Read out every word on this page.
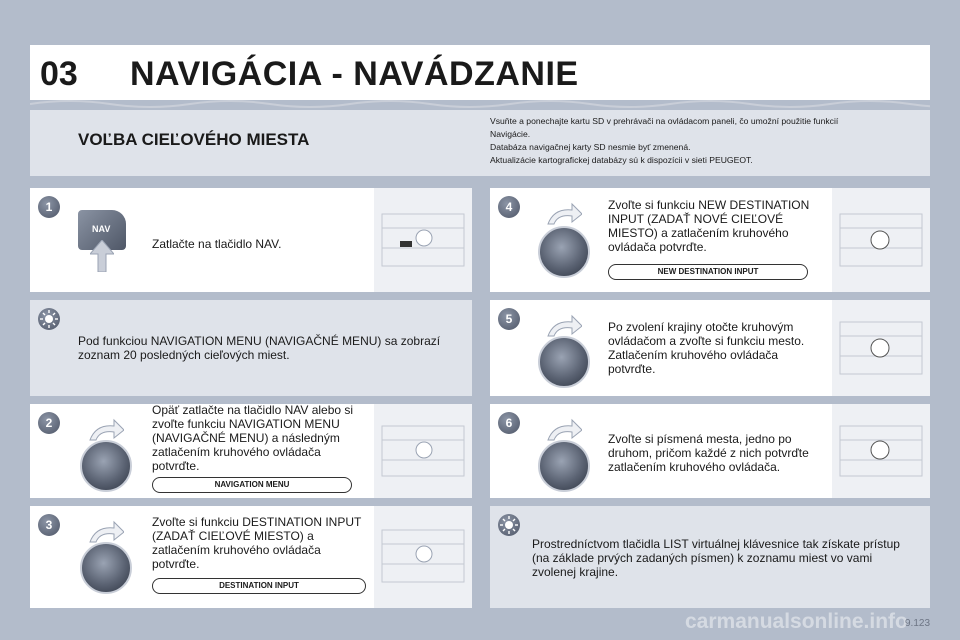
03 NAVIGÁCIA - NAVÁDZANIE
VOĽBA CIEĽOVÉHO MIESTA
Vsuňte a ponechajte kartu SD v prehrávači na ovládacom paneli, čo umožní použitie funkcií
Navigácie.
Databáza navigačnej karty SD nesmie byť zmenená.
Aktualizácie kartografickej databázy sú k dispozícii v sieti PEUGEOT.
1
NAV
Zatlačte na tlačidlo NAV.
Pod funkciou NAVIGATION MENU (NAVIGAČNÉ MENU) sa zobrazí zoznam 20 posledných cieľových miest.
2
Opäť zatlačte na tlačidlo NAV alebo si zvoľte funkciu NAVIGATION MENU (NAVIGAČNÉ MENU) a následným zatlačením kruhového ovládača potvrďte.
NAVIGATION MENU
3	Zvoľte si funkciu DESTINATION INPUT (ZADAŤ CIEĽOVÉ MIESTO) a zatlačením kruhového ovládača potvrďte.
DESTINATION INPUT
4	Zvoľte si funkciu NEW DESTINATION INPUT (ZADAŤ NOVÉ CIEĽOVÉ MIESTO) a zatlačením kruhového ovládača potvrďte.
NEW DESTINATION INPUT
5
Po zvolení krajiny otočte kruhovým ovládačom a zvoľte si funkciu mesto. Zatlačením kruhového ovládača potvrďte.
6
Zvoľte si písmená mesta, jedno po druhom, pričom každé z nich potvrďte zatlačením kruhového ovládača.
Prostredníctvom tlačidla LIST virtuálnej klávesnice tak získate prístup (na základe prvých zadaných písmen) k zoznamu miest vo vami zvolenej krajine.
carmanualsonline.info
9.123
